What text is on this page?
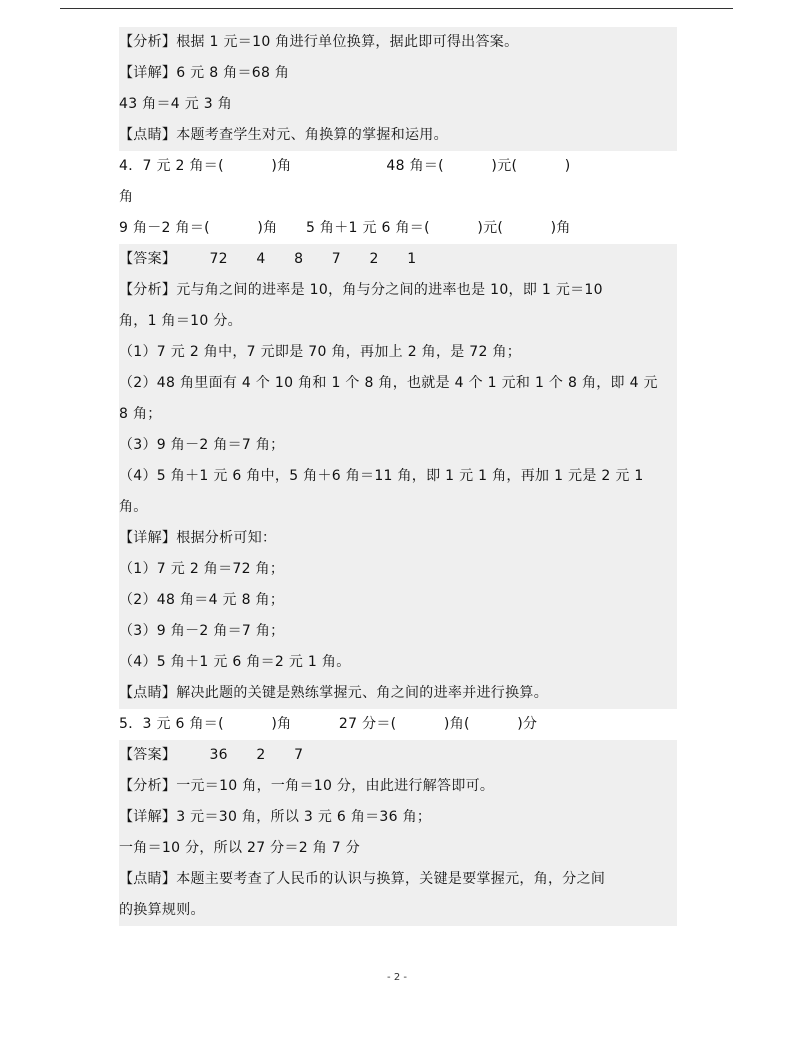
【分析】根据 1 元＝10 角进行单位换算，据此即可得出答案。
【详解】6 元 8 角＝68 角
43 角＝4 元 3 角
【点睛】本题考查学生对元、角换算的掌握和运用。
4．7 元 2 角＝(          )角                    48 角＝(          )元(          )
角
9 角－2 角＝(          )角      5 角＋1 元 6 角＝(          )元(          )角
【答案】       72      4      8      7      2      1
【分析】元与角之间的进率是 10，角与分之间的进率也是 10，即 1 元＝10
角，1 角＝10 分。
（1）7 元 2 角中，7 元即是 70 角，再加上 2 角，是 72 角；
（2）48 角里面有 4 个 10 角和 1 个 8 角，也就是 4 个 1 元和 1 个 8 角，即 4 元
8 角；
（3）9 角－2 角＝7 角；
（4）5 角＋1 元 6 角中，5 角＋6 角＝11 角，即 1 元 1 角，再加 1 元是 2 元 1
角。
【详解】根据分析可知：
（1）7 元 2 角＝72 角；
（2）48 角＝4 元 8 角；
（3）9 角－2 角＝7 角；
（4）5 角＋1 元 6 角＝2 元 1 角。
【点睛】解决此题的关键是熟练掌握元、角之间的进率并进行换算。
5．3 元 6 角＝(          )角          27 分＝(          )角(          )分
【答案】       36      2      7
【分析】一元＝10 角，一角＝10 分，由此进行解答即可。
【详解】3 元＝30 角，所以 3 元 6 角＝36 角；
一角＝10 分，所以 27 分＝2 角 7 分
【点睛】本题主要考查了人民币的认识与换算，关键是要掌握元，角，分之间
的换算规则。
- 2 -
